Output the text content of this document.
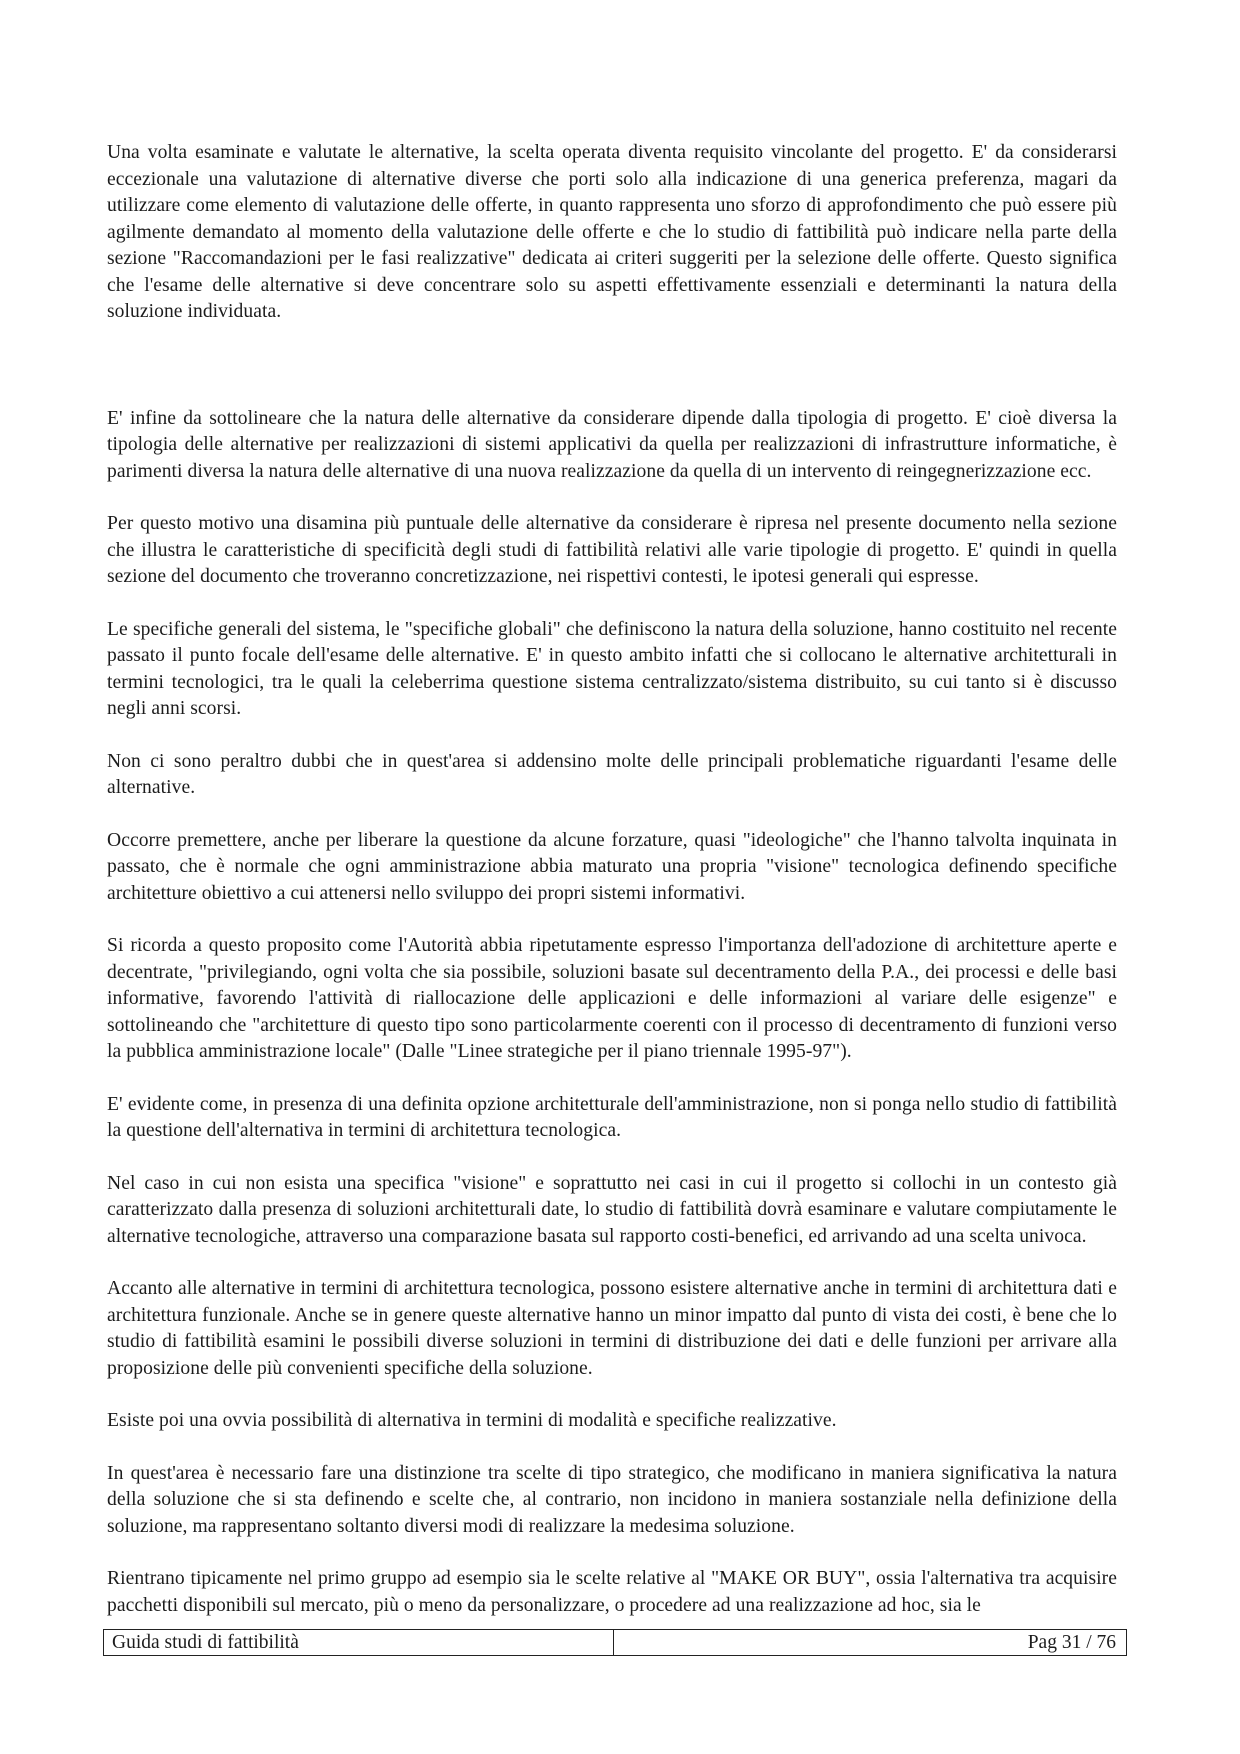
Una volta esaminate e valutate le alternative, la scelta operata diventa requisito vincolante del progetto. E' da considerarsi eccezionale una valutazione di alternative diverse che porti solo alla indicazione di una generica preferenza, magari da utilizzare come elemento di valutazione delle offerte, in quanto rappresenta uno sforzo di approfondimento che può essere più agilmente demandato al momento della valutazione delle offerte e che lo studio di fattibilità può indicare nella parte della sezione "Raccomandazioni per le fasi realizzative" dedicata ai criteri suggeriti per la selezione delle offerte. Questo significa che l'esame delle alternative si deve concentrare solo su aspetti effettivamente essenziali e determinanti la natura della soluzione individuata.

E' infine da sottolineare che la natura delle alternative da considerare dipende dalla tipologia di progetto. E' cioè diversa la tipologia delle alternative per realizzazioni di sistemi applicativi da quella per realizzazioni di infrastrutture informatiche, è parimenti diversa la natura delle alternative di una nuova realizzazione da quella di un intervento di reingegnerizzazione ecc.

Per questo motivo una disamina più puntuale delle alternative da considerare è ripresa nel presente documento nella sezione che illustra le caratteristiche di specificità degli studi di fattibilità relativi alle varie tipologie di progetto. E' quindi in quella sezione del documento che troveranno concretizzazione, nei rispettivi contesti, le ipotesi generali qui espresse.

Le specifiche generali del sistema, le "specifiche globali" che definiscono la natura della soluzione, hanno costituito nel recente passato il punto focale dell'esame delle alternative. E' in questo ambito infatti che si collocano le alternative architetturali in termini tecnologici, tra le quali la celeberrima questione sistema centralizzato/sistema distribuito, su cui tanto si è discusso negli anni scorsi.

Non ci sono peraltro dubbi che in quest'area si addensino molte delle principali problematiche riguardanti l'esame delle alternative.

Occorre premettere, anche per liberare la questione da alcune forzature, quasi "ideologiche" che l'hanno talvolta inquinata in passato, che è normale che ogni amministrazione abbia maturato una propria "visione" tecnologica definendo specifiche architetture obiettivo a cui attenersi nello sviluppo dei propri sistemi informativi.

Si ricorda a questo proposito come l'Autorità abbia ripetutamente espresso l'importanza dell'adozione di architetture aperte e decentrate, "privilegiando, ogni volta che sia possibile, soluzioni basate sul decentramento della P.A., dei processi e delle basi informative, favorendo l'attività di riallocazione delle applicazioni e delle informazioni al variare delle esigenze" e sottolineando che "architetture di questo tipo sono particolarmente coerenti con il processo di decentramento di funzioni verso la pubblica amministrazione locale" (Dalle "Linee strategiche per il piano triennale 1995-97").

E' evidente come, in presenza di una definita opzione architetturale dell'amministrazione, non si ponga nello studio di fattibilità la questione dell'alternativa in termini di architettura tecnologica.

Nel caso in cui non esista una specifica "visione" e soprattutto nei casi in cui il progetto si collochi in un contesto già caratterizzato dalla presenza di soluzioni architetturali date, lo studio di fattibilità dovrà esaminare e valutare compiutamente le alternative tecnologiche, attraverso una comparazione basata sul rapporto costi-benefici, ed arrivando ad una scelta univoca.

Accanto alle alternative in termini di architettura tecnologica, possono esistere alternative anche in termini di architettura dati e architettura funzionale. Anche se in genere queste alternative hanno un minor impatto dal punto di vista dei costi, è bene che lo studio di fattibilità esamini le possibili diverse soluzioni in termini di distribuzione dei dati e delle funzioni per arrivare alla proposizione delle più convenienti specifiche della soluzione.

Esiste poi una ovvia possibilità di alternativa in termini di modalità e specifiche realizzative.

In quest'area è necessario fare una distinzione tra scelte di tipo strategico, che modificano in maniera significativa la natura della soluzione che si sta definendo e scelte che, al contrario, non incidono in maniera sostanziale nella definizione della soluzione, ma rappresentano soltanto diversi modi di realizzare la medesima soluzione.

Rientrano tipicamente nel primo gruppo ad esempio sia le scelte relative al "MAKE OR BUY", ossia l'alternativa tra acquisire pacchetti disponibili sul mercato, più o meno da personalizzare, o procedere ad una realizzazione ad hoc, sia le

Guida studi di fattibilità	Pag 31 / 76
